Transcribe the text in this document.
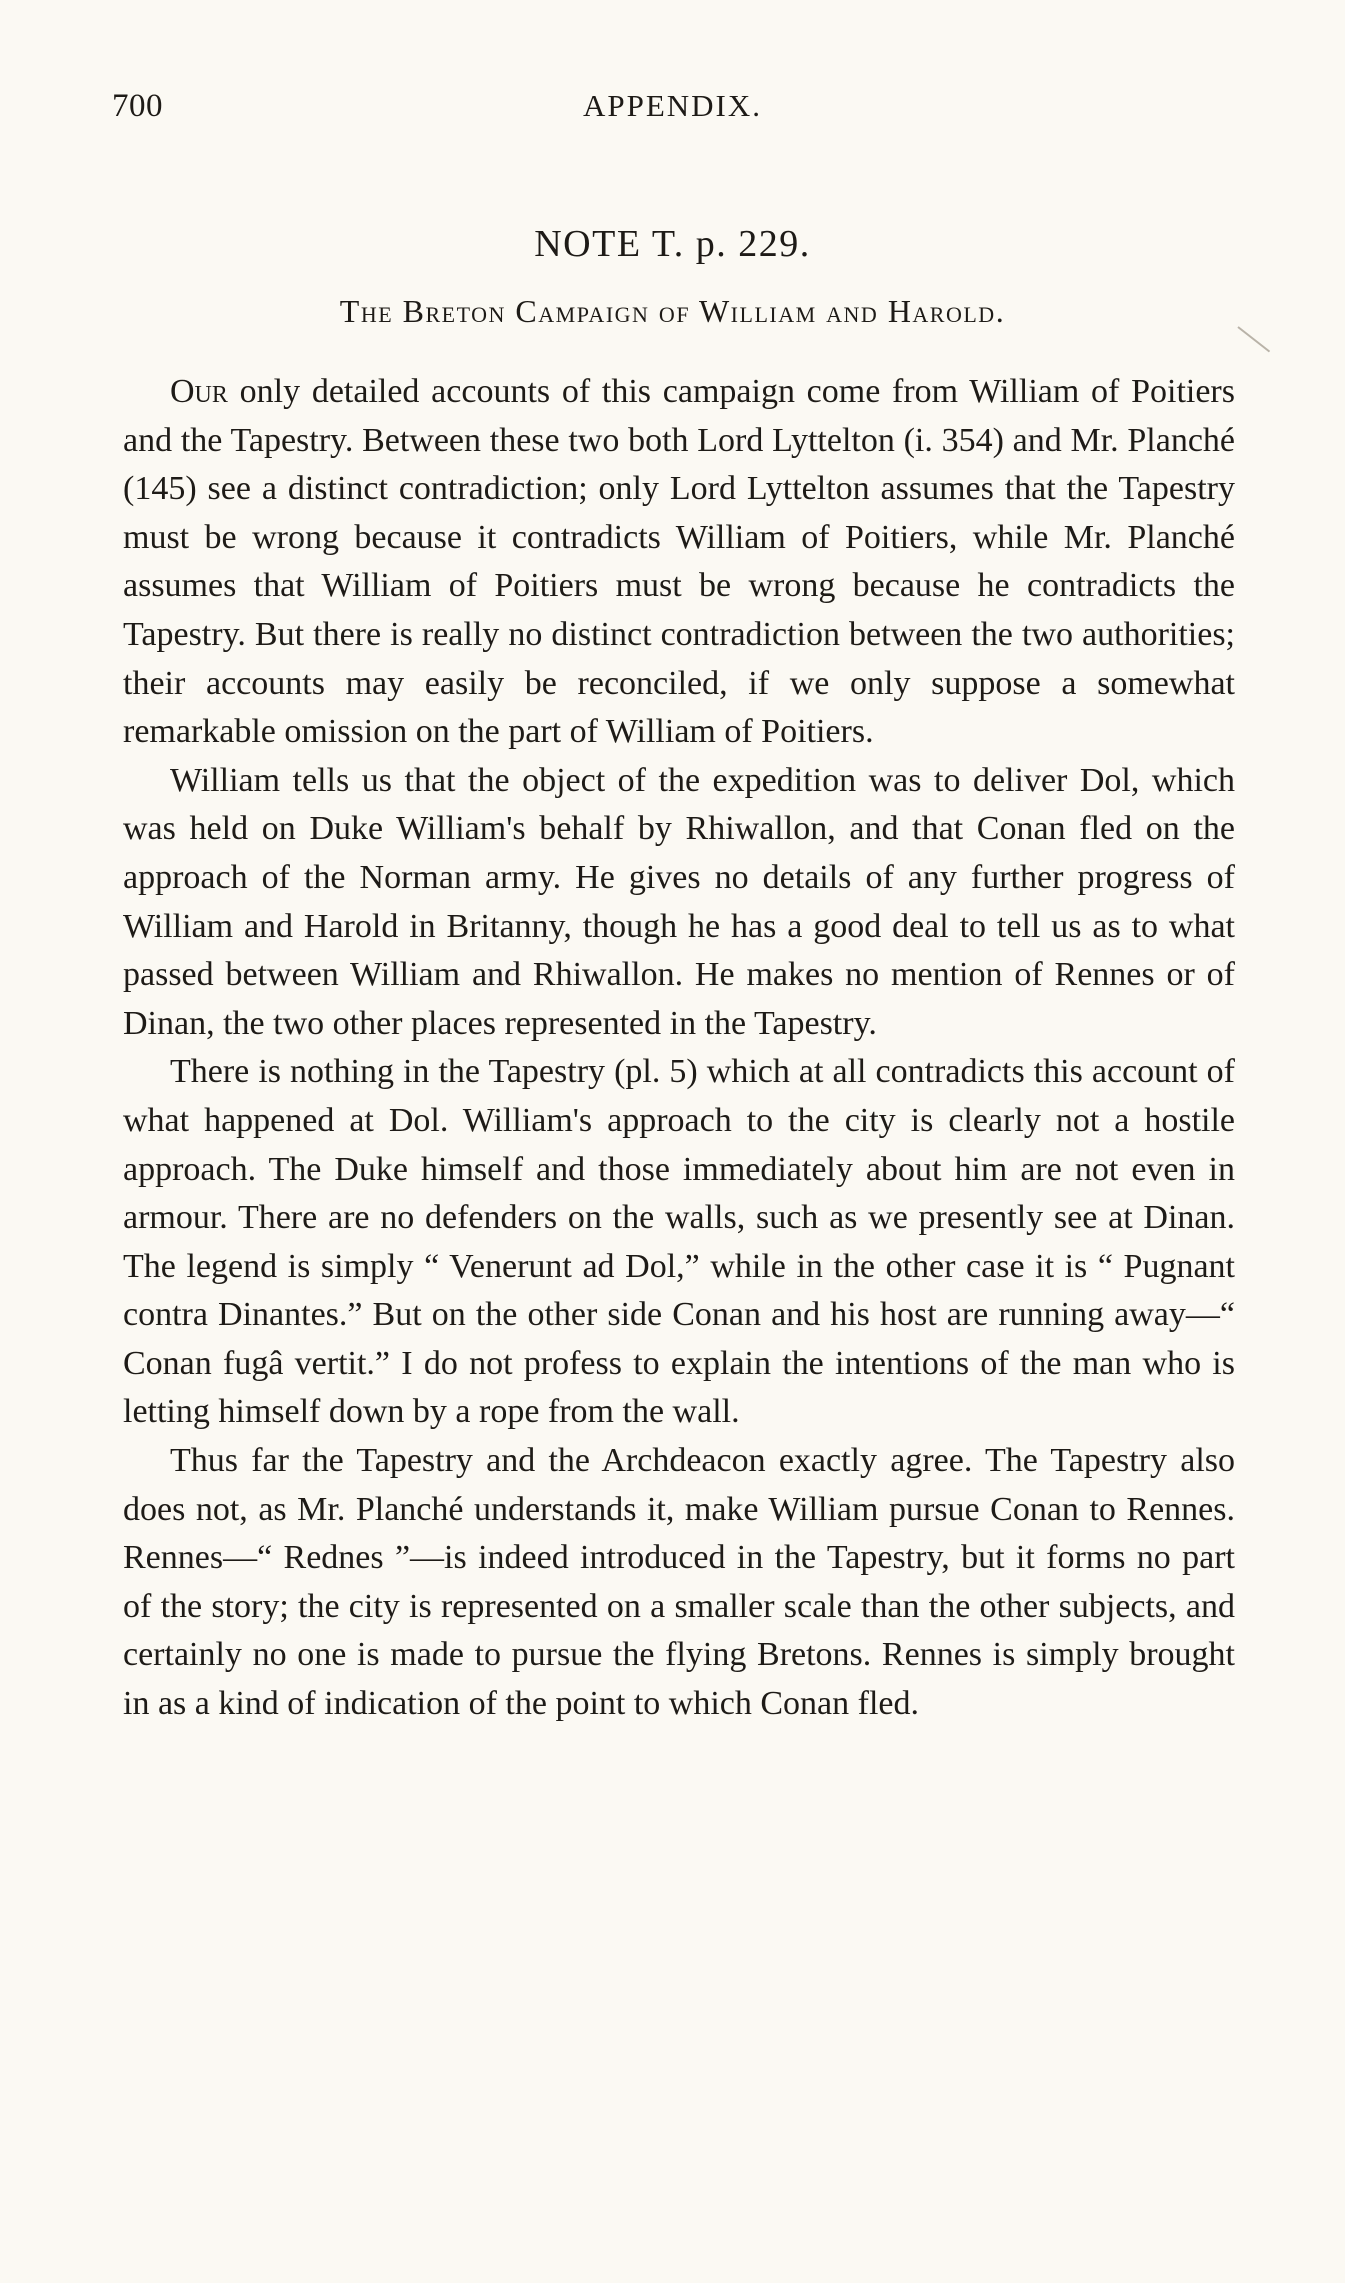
700	APPENDIX.
NOTE T. p. 229.
The Breton Campaign of William and Harold.

Our only detailed accounts of this campaign come from William of Poitiers and the Tapestry. Between these two both Lord Lyttelton (i. 354) and Mr. Planché (145) see a distinct contradiction; only Lord Lyttelton assumes that the Tapestry must be wrong because it contradicts William of Poitiers, while Mr. Planché assumes that William of Poitiers must be wrong because he contradicts the Tapestry. But there is really no distinct contradiction between the two authorities; their accounts may easily be reconciled, if we only suppose a somewhat remarkable omission on the part of William of Poitiers.

William tells us that the object of the expedition was to deliver Dol, which was held on Duke William's behalf by Rhiwallon, and that Conan fled on the approach of the Norman army. He gives no details of any further progress of William and Harold in Britanny, though he has a good deal to tell us as to what passed between William and Rhiwallon. He makes no mention of Rennes or of Dinan, the two other places represented in the Tapestry.

There is nothing in the Tapestry (pl. 5) which at all contradicts this account of what happened at Dol. William's approach to the city is clearly not a hostile approach. The Duke himself and those immediately about him are not even in armour. There are no defenders on the walls, such as we presently see at Dinan. The legend is simply “ Venerunt ad Dol,” while in the other case it is “ Pugnant contra Dinantes.” But on the other side Conan and his host are running away—“ Conan fugâ vertit.” I do not profess to explain the intentions of the man who is letting himself down by a rope from the wall.

Thus far the Tapestry and the Archdeacon exactly agree. The Tapestry also does not, as Mr. Planché understands it, make William pursue Conan to Rennes. Rennes—“ Rednes ”—is indeed introduced in the Tapestry, but it forms no part of the story; the city is represented on a smaller scale than the other subjects, and certainly no one is made to pursue the flying Bretons. Rennes is simply brought in as a kind of indication of the point to which Conan fled.
